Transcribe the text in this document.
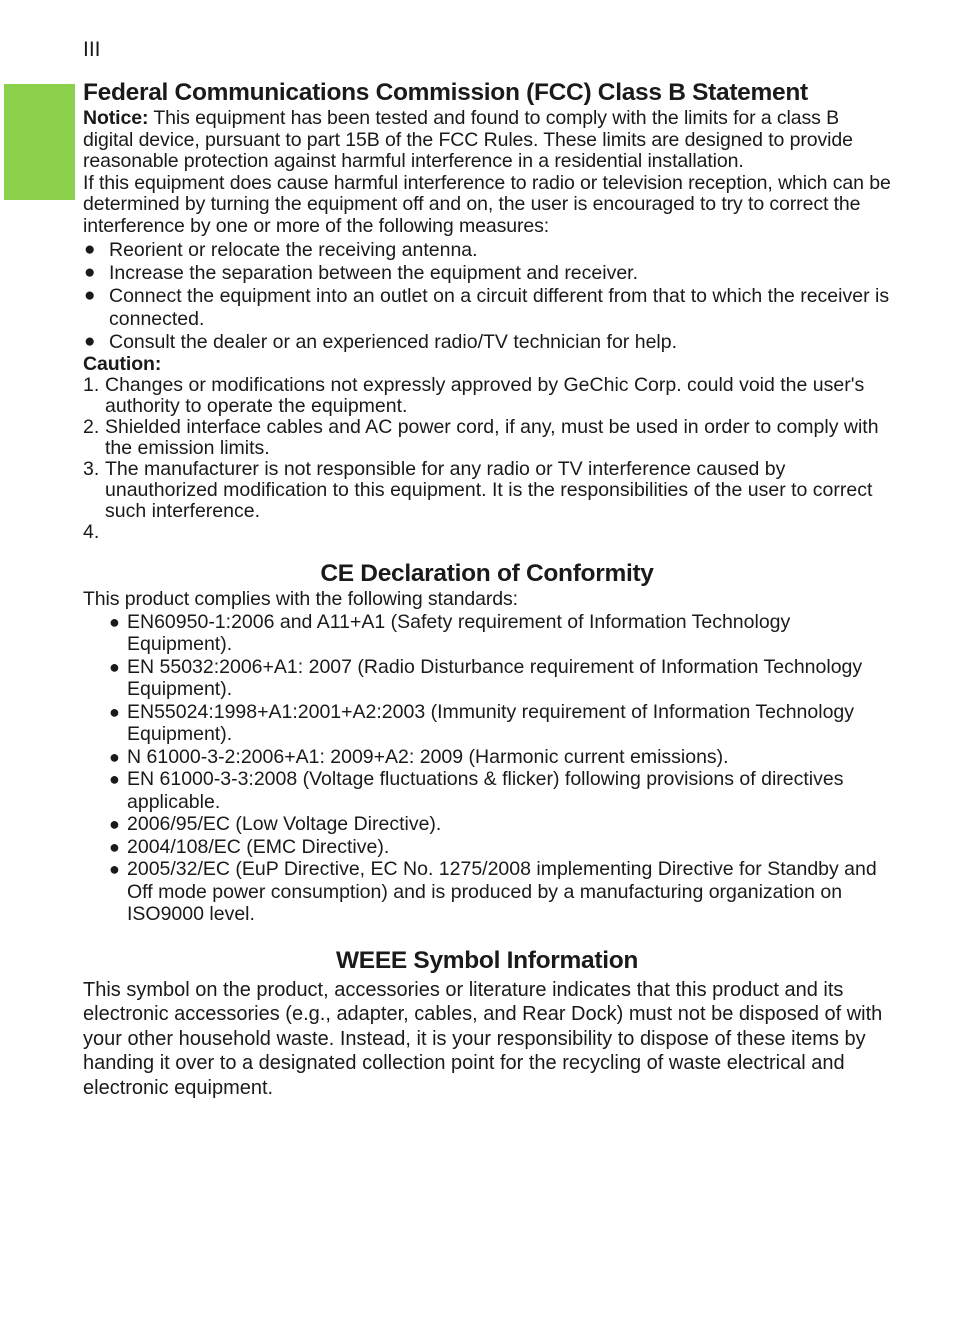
III
Federal Communications Commission (FCC) Class B Statement

Notice: This equipment has been tested and found to comply with the limits for a class B digital device, pursuant to part 15B of the FCC Rules. These limits are designed to provide reasonable protection against harmful interference in a residential installation.

If this equipment does cause harmful interference to radio or television reception, which can be determined by turning the equipment off and on, the user is encouraged to try to correct the interference by one or more of the following measures:

● Reorient or relocate the receiving antenna.
● Increase the separation between the equipment and receiver.
● Connect the equipment into an outlet on a circuit different from that to which the receiver is connected.
● Consult the dealer or an experienced radio/TV technician for help.

Caution:

1. Changes or modifications not expressly approved by GeChic Corp. could void the user's authority to operate the equipment.
2. Shielded interface cables and AC power cord, if any, must be used in order to comply with the emission limits.
3. The manufacturer is not responsible for any radio or TV interference caused by unauthorized modification to this equipment. It is the responsibilities of the user to correct such interference.
4.

CE Declaration of Conformity

This product complies with the following standards:

● EN60950-1:2006 and A11+A1 (Safety requirement of Information Technology Equipment).
● EN 55032:2006+A1: 2007 (Radio Disturbance requirement of Information Technology Equipment).
● EN55024:1998+A1:2001+A2:2003 (Immunity requirement of Information Technology Equipment).
● N 61000-3-2:2006+A1: 2009+A2: 2009 (Harmonic current emissions).
● EN 61000-3-3:2008 (Voltage fluctuations & flicker) following provisions of directives applicable.
● 2006/95/EC (Low Voltage Directive).
● 2004/108/EC (EMC Directive).
● 2005/32/EC (EuP Directive, EC No. 1275/2008 implementing Directive for Standby and Off mode power consumption) and is produced by a manufacturing organization on ISO9000 level.
WEEE Symbol Information

This symbol on the product, accessories or literature indicates that this product and its electronic accessories (e.g., adapter, cables, and Rear Dock) must not be disposed of with your other household waste. Instead, it is your responsibility to dispose of these items by handing it over to a designated collection point for the recycling of waste electrical and electronic equipment.
